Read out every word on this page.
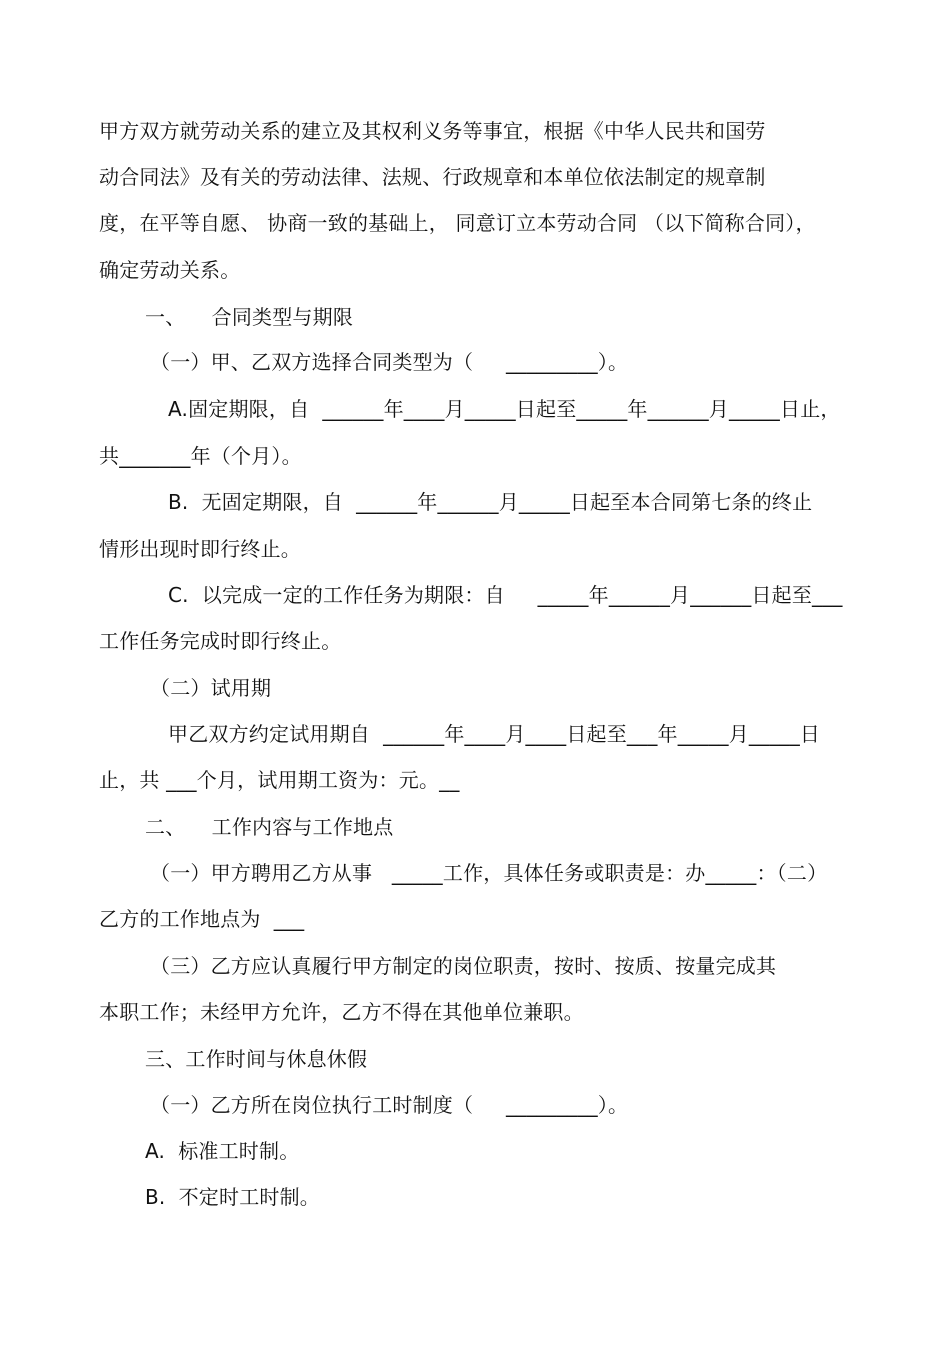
甲方双方就劳动关系的建立及其权利义务等事宜，根据《中华人民共和国劳
动合同法》及有关的劳动法律、法规、行政规章和本单位依法制定的规章制
度，在平等自愿、 协商一致的基础上， 同意订立本劳动合同 （以下简称合同），
确定劳动关系。
一、    合同类型与期限
（一）甲、乙双方选择合同类型为（     _________）。
A.固定期限，自  ______年____月_____日起至_____年______月_____日止，
共_______年（个月）。
B.  无固定期限，自  ______年______月_____日起至本合同第七条的终止
情形出现时即行终止。
C.  以完成一定的工作任务为期限：自     _____年______月______日起至___
工作任务完成时即行终止。
（二）试用期
甲乙双方约定试用期自  ______年____月____日起至___年_____月_____日
止，共 ___个月，试用期工资为：元。__
二、    工作内容与工作地点
（一）甲方聘用乙方从事   _____工作，具体任务或职责是：办_____：（二）
乙方的工作地点为  ___
（三）乙方应认真履行甲方制定的岗位职责，按时、按质、按量完成其
本职工作；未经甲方允许，乙方不得在其他单位兼职。
三、工作时间与休息休假
（一）乙方所在岗位执行工时制度（     _________）。
A.  标准工时制。
B.  不定时工时制。
